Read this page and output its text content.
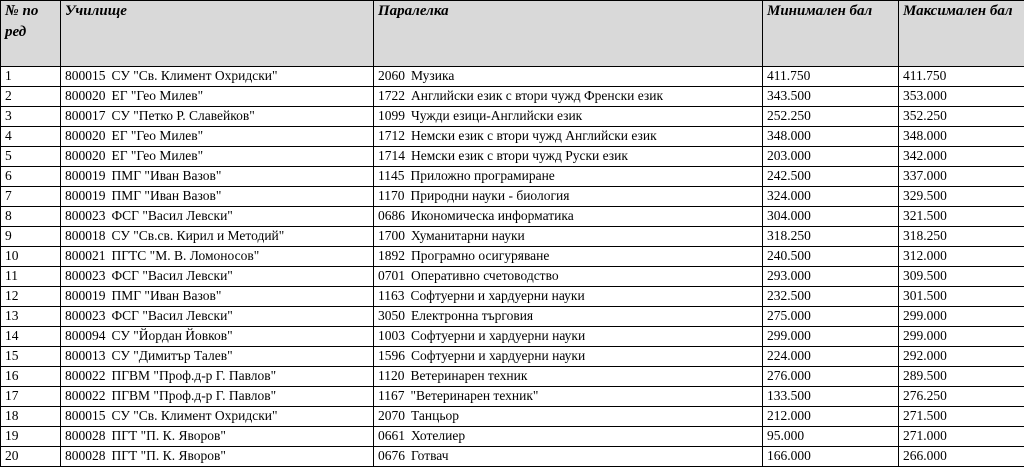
№ по ред	Училище	Паралелка	Минимален бал	Максимален бал

1	800015 СУ "Св. Климент Охридски"	2060 Музика	411.750	411.750
2	800020 ЕГ "Гео Милев"	1722 Английски език с втори чужд Френски език	343.500	353.000
3	800017 СУ "Петко Р. Славейков"	1099 Чужди езици-Английски език	252.250	352.250
4	800020 ЕГ "Гео Милев"	1712 Немски език с втори чужд Английски език	348.000	348.000
5	800020 ЕГ "Гео Милев"	1714 Немски език с втори чужд Руски език	203.000	342.000
6	800019 ПМГ "Иван Вазов"	1145 Приложно програмиране	242.500	337.000
7	800019 ПМГ "Иван Вазов"	1170 Природни науки - биология	324.000	329.500
8	800023 ФСГ "Васил Левски"	0686 Икономическа информатика	304.000	321.500
9	800018 СУ "Св.св. Кирил и Методий"	1700 Хуманитарни науки	318.250	318.250
10	800021 ПГТС "М. В. Ломоносов"	1892 Програмно осигуряване	240.500	312.000
11	800023 ФСГ "Васил Левски"	0701 Оперативно счетоводство	293.000	309.500
12	800019 ПМГ "Иван Вазов"	1163 Софтуерни и хардуерни науки	232.500	301.500
13	800023 ФСГ "Васил Левски"	3050 Електронна търговия	275.000	299.000
14	800094 СУ "Йордан Йовков"	1003 Софтуерни и хардуерни науки	299.000	299.000
15	800013 СУ "Димитър Талев"	1596 Софтуерни и хардуерни науки	224.000	292.000
16	800022 ПГВМ "Проф.д-р Г. Павлов"	1120 Ветеринарен техник	276.000	289.500
17	800022 ПГВМ "Проф.д-р Г. Павлов"	1167 "Ветеринарен техник"	133.500	276.250
18	800015 СУ "Св. Климент Охридски"	2070 Танцьор	212.000	271.500
19	800028 ПГТ "П. К. Яворов"	0661 Хотелиер	95.000	271.000
20	800028 ПГТ "П. К. Яворов"	0676 Готвач	166.000	266.000
